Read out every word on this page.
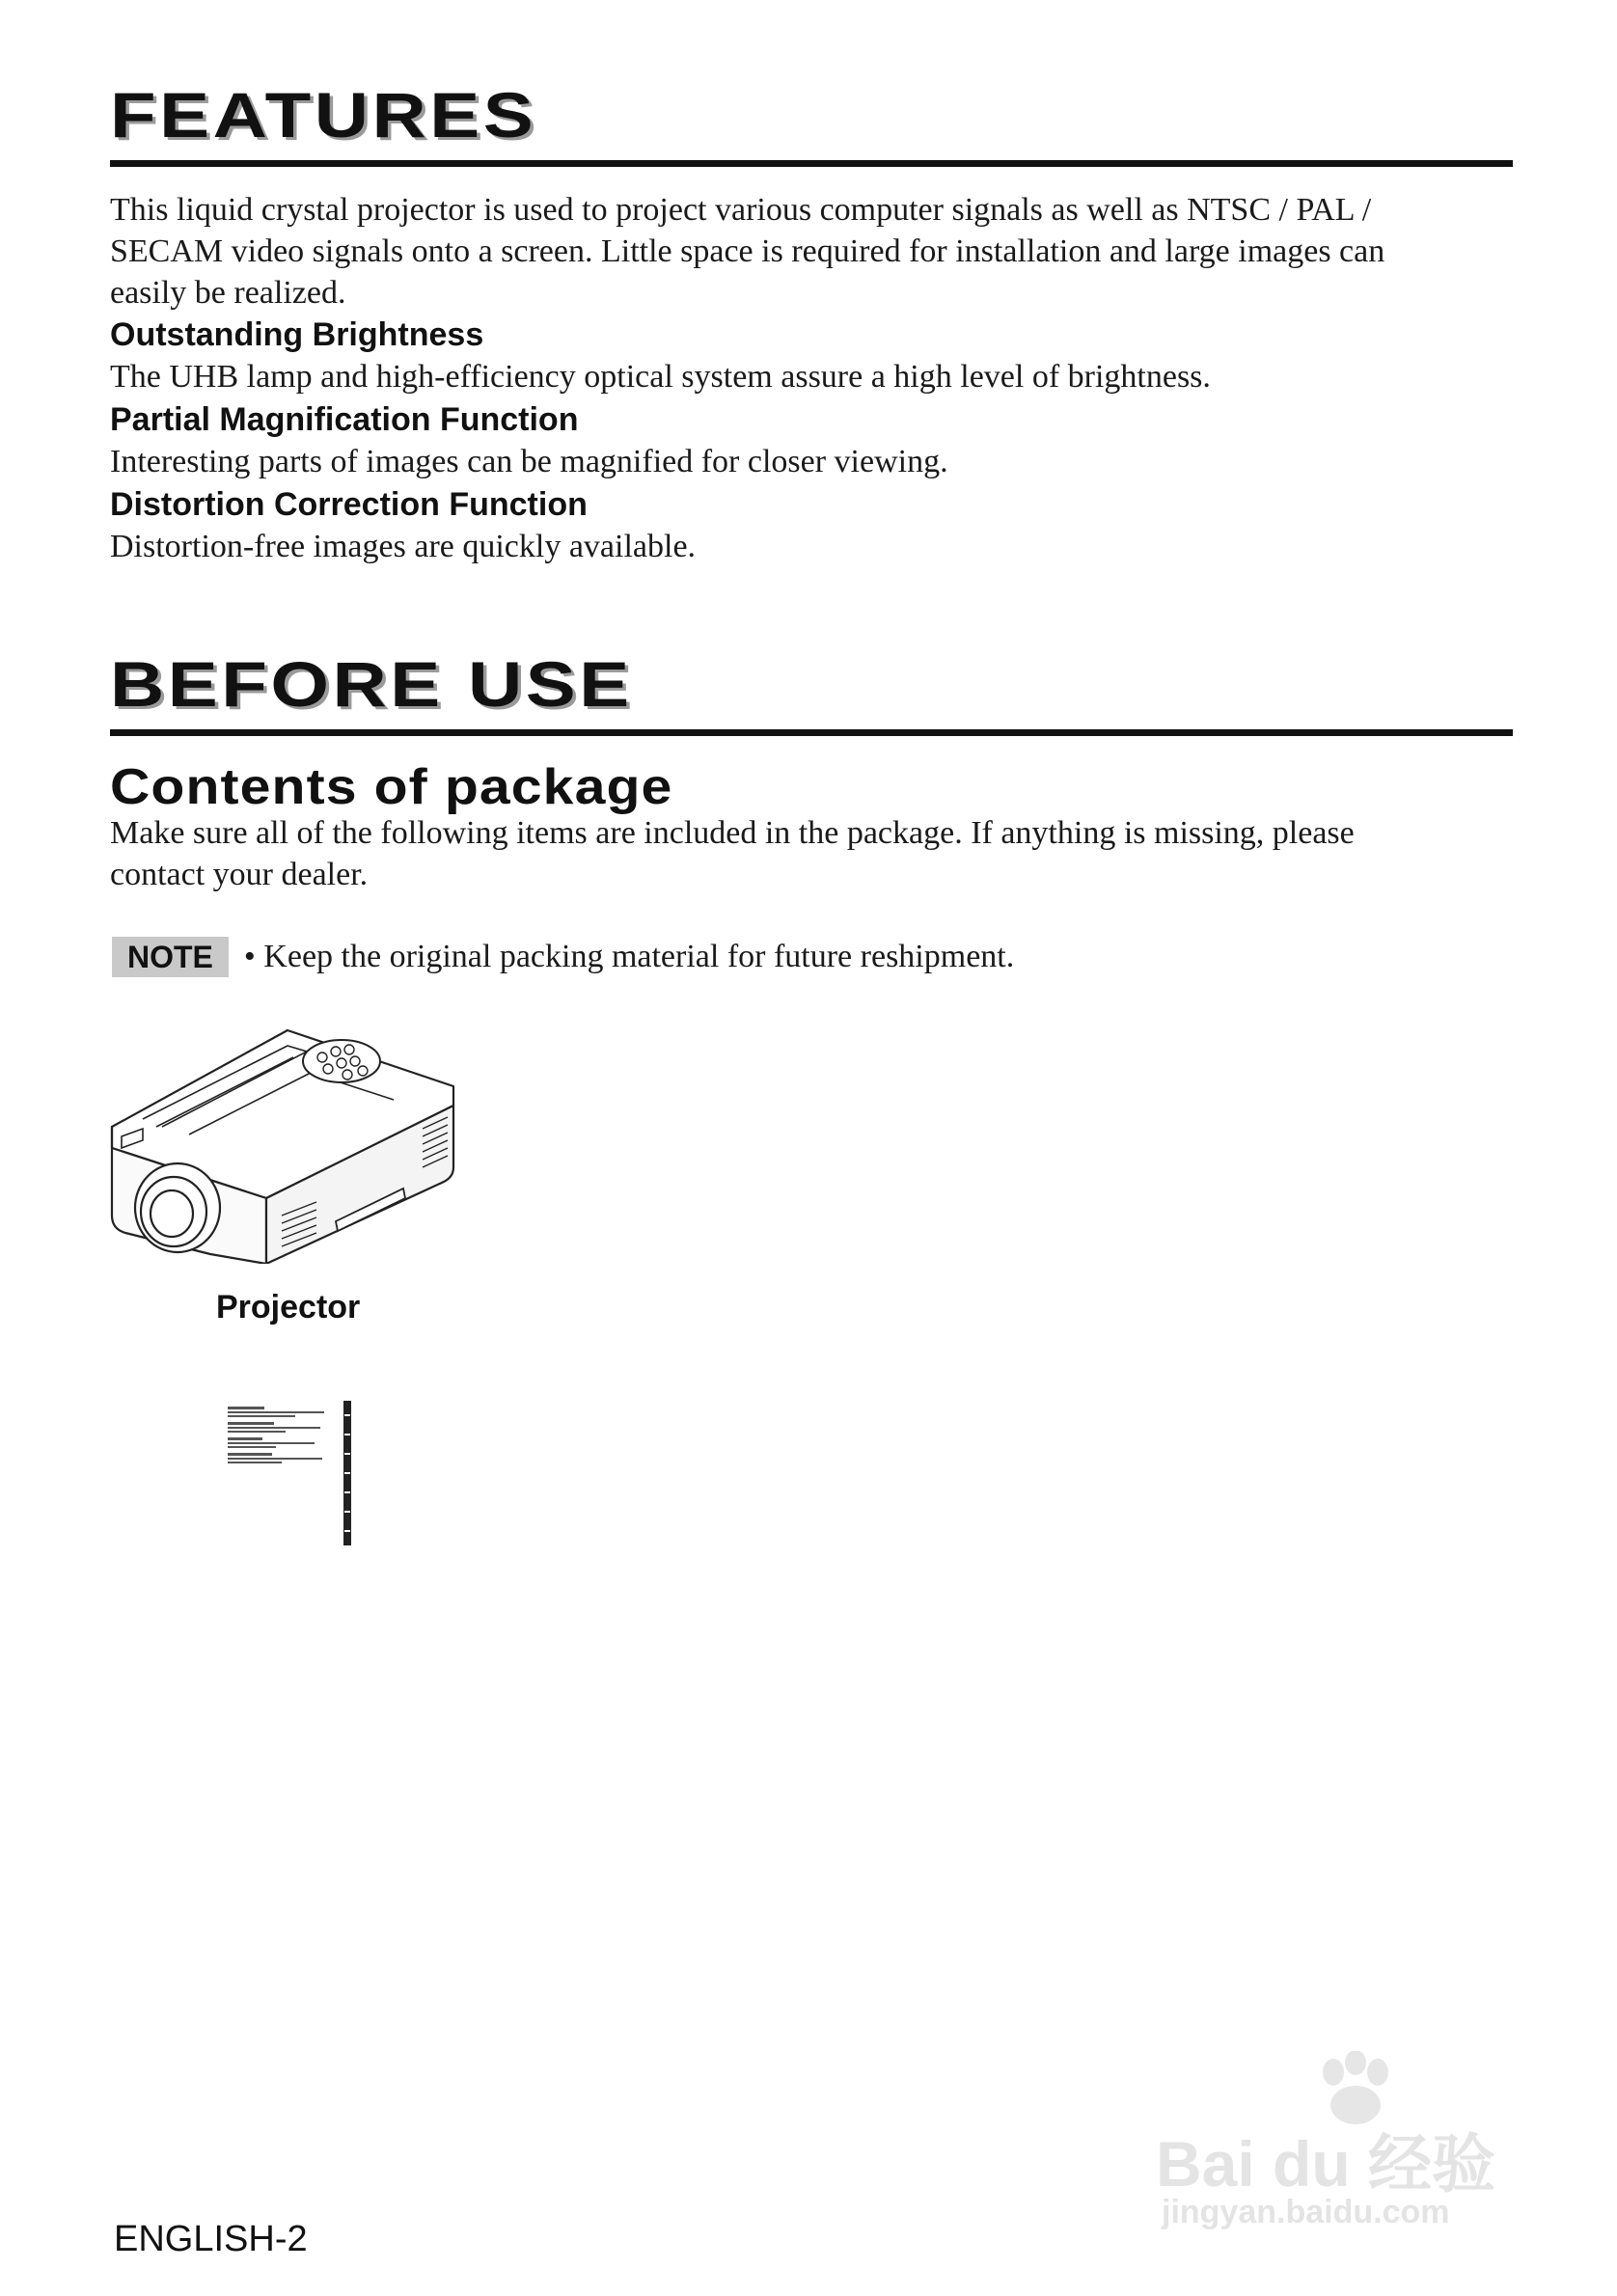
FEATURES
This liquid crystal projector is used to project various computer signals as well as NTSC / PAL /
SECAM video signals onto a screen. Little space is required for installation and large images can
easily be realized.
Outstanding Brightness
The UHB lamp and high-efficiency optical system assure a high level of brightness.
Partial Magnification Function
Interesting parts of images can be magnified for closer viewing.
Distortion Correction Function
Distortion-free images are quickly available.
BEFORE USE
Contents of package
Make sure all of the following items are included in the package. If anything is missing, please
contact your dealer.
NOTE • Keep the original packing material for future reshipment.
Projector
Bai du 经验
jingyan.baidu.com
ENGLISH-2
